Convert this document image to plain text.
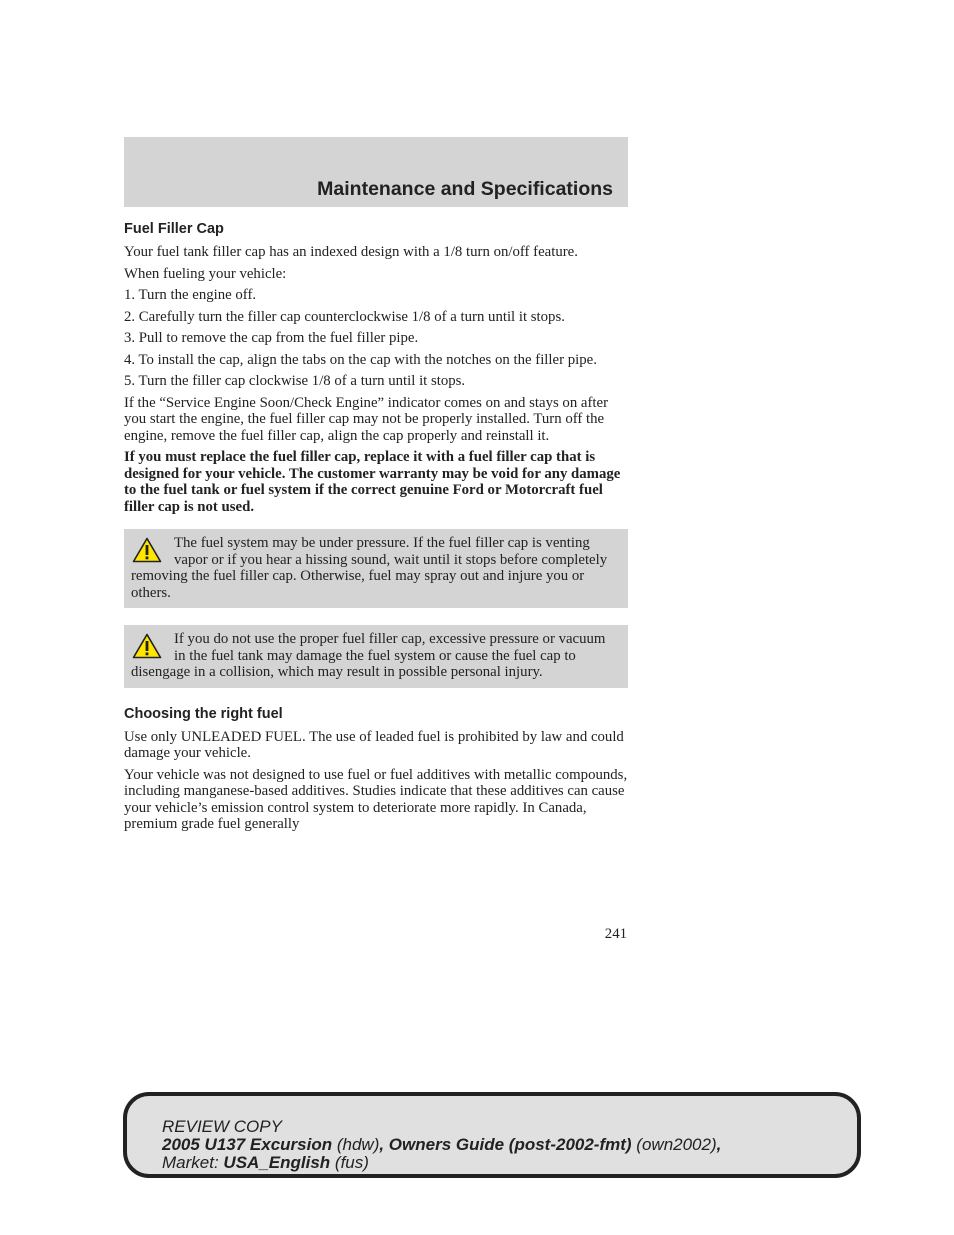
Maintenance and Specifications
Fuel Filler Cap

Your fuel tank filler cap has an indexed design with a 1/8 turn on/off feature.

When fueling your vehicle:

1. Turn the engine off.

2. Carefully turn the filler cap counterclockwise 1/8 of a turn until it stops.

3. Pull to remove the cap from the fuel filler pipe.

4. To install the cap, align the tabs on the cap with the notches on the filler pipe.

5. Turn the filler cap clockwise 1/8 of a turn until it stops.

If the “Service Engine Soon/Check Engine” indicator comes on and stays on after you start the engine, the fuel filler cap may not be properly installed. Turn off the engine, remove the fuel filler cap, align the cap properly and reinstall it.

If you must replace the fuel filler cap, replace it with a fuel filler cap that is designed for your vehicle. The customer warranty may be void for any damage to the fuel tank or fuel system if the correct genuine Ford or Motorcraft fuel filler cap is not used.

The fuel system may be under pressure. If the fuel filler cap is venting vapor or if you hear a hissing sound, wait until it stops before completely removing the fuel filler cap. Otherwise, fuel may spray out and injure you or others.

If you do not use the proper fuel filler cap, excessive pressure or vacuum in the fuel tank may damage the fuel system or cause the fuel cap to disengage in a collision, which may result in possible personal injury.

Choosing the right fuel

Use only UNLEADED FUEL. The use of leaded fuel is prohibited by law and could damage your vehicle.

Your vehicle was not designed to use fuel or fuel additives with metallic compounds, including manganese-based additives. Studies indicate that these additives can cause your vehicle’s emission control system to deteriorate more rapidly. In Canada, premium grade fuel generally

241
REVIEW COPY
2005 U137 Excursion (hdw), Owners Guide (post-2002-fmt) (own2002),
Market: USA_English (fus)
